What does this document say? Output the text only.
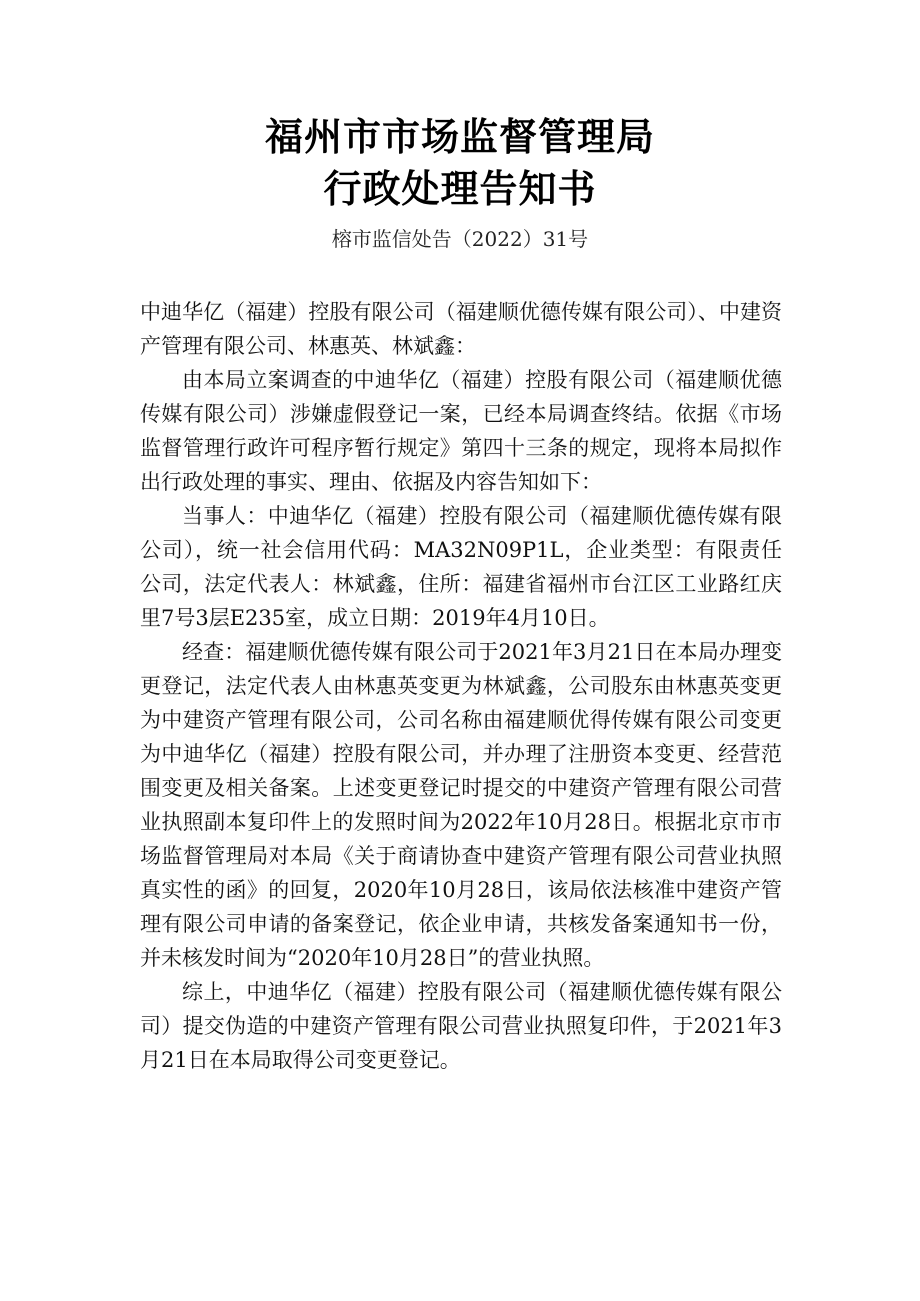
福州市市场监督管理局
行政处理告知书
榕市监信处告（2022）31号

中迪华亿（福建）控股有限公司（福建顺优德传媒有限公司）、中建资产管理有限公司、林惠英、林斌鑫：

由本局立案调查的中迪华亿（福建）控股有限公司（福建顺优德传媒有限公司）涉嫌虚假登记一案，已经本局调查终结。依据《市场监督管理行政许可程序暂行规定》第四十三条的规定，现将本局拟作出行政处理的事实、理由、依据及内容告知如下：

当事人：中迪华亿（福建）控股有限公司（福建顺优德传媒有限公司），统一社会信用代码：MA32N09P1L，企业类型：有限责任公司，法定代表人：林斌鑫，住所：福建省福州市台江区工业路红庆里7号3层E235室，成立日期：2019年4月10日。

经查：福建顺优德传媒有限公司于2021年3月21日在本局办理变更登记，法定代表人由林惠英变更为林斌鑫，公司股东由林惠英变更为中建资产管理有限公司，公司名称由福建顺优得传媒有限公司变更为中迪华亿（福建）控股有限公司，并办理了注册资本变更、经营范围变更及相关备案。上述变更登记时提交的中建资产管理有限公司营业执照副本复印件上的发照时间为2022年10月28日。根据北京市市场监督管理局对本局《关于商请协查中建资产管理有限公司营业执照真实性的函》的回复，2020年10月28日，该局依法核准中建资产管理有限公司申请的备案登记，依企业申请，共核发备案通知书一份，并未核发时间为“2020年10月28日”的营业执照。

综上，中迪华亿（福建）控股有限公司（福建顺优德传媒有限公司）提交伪造的中建资产管理有限公司营业执照复印件，于2021年3月21日在本局取得公司变更登记。
